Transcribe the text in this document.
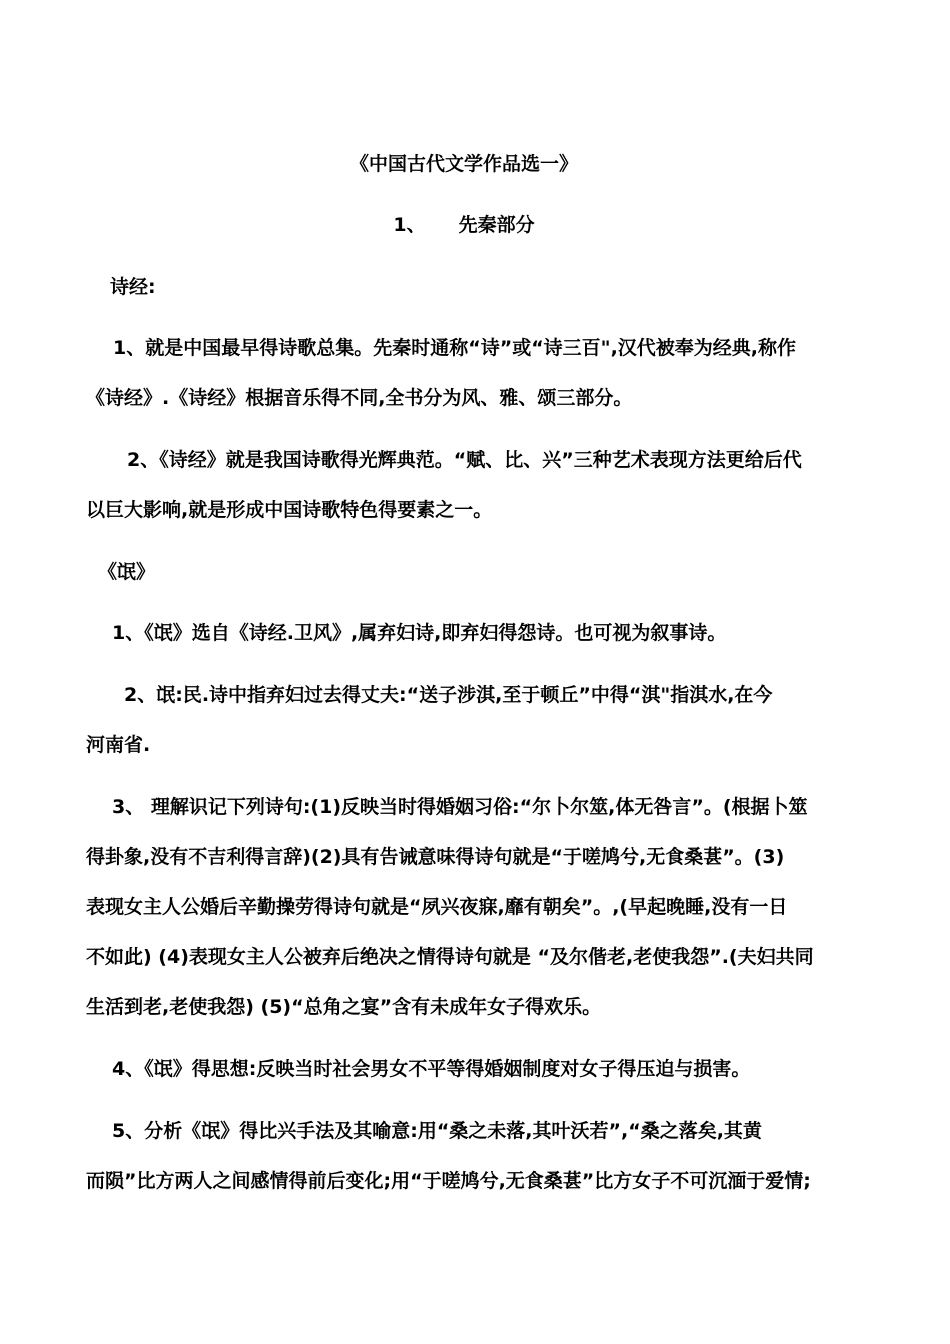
《中国古代文学作品选一》
1、     先秦部分
诗经:
1、就是中国最早得诗歌总集。先秦时通称“诗”或“诗三百",汉代被奉为经典,称作
《诗经》.《诗经》根据音乐得不同,全书分为风、雅、颂三部分。
2、《诗经》就是我国诗歌得光辉典范。“赋、比、兴”三种艺术表现方法更给后代
以巨大影响,就是形成中国诗歌特色得要素之一。
《氓》
1、《氓》选自《诗经.卫风》,属弃妇诗,即弃妇得怨诗。也可视为叙事诗。
2、氓:民.诗中指弃妇过去得丈夫:“送子涉淇,至于顿丘”中得“淇"指淇水,在今
河南省.
3、 理解识记下列诗句:(1)反映当时得婚姻习俗:“尔卜尔筮,体无咎言”。(根据卜筮
得卦象,没有不吉利得言辞)(2)具有告诫意味得诗句就是“于嗟鸠兮,无食桑葚”。(3)
表现女主人公婚后辛勤操劳得诗句就是“夙兴夜寐,靡有朝矣”。,(早起晚睡,没有一日
不如此) (4)表现女主人公被弃后绝决之情得诗句就是 “及尔偕老,老使我怨”.(夫妇共同
生活到老,老使我怨) (5)“总角之宴”含有未成年女子得欢乐。
4、《氓》得思想:反映当时社会男女不平等得婚姻制度对女子得压迫与损害。
5、分析《氓》得比兴手法及其喻意:用“桑之未落,其叶沃若”,“桑之落矣,其黄
而陨”比方两人之间感情得前后变化;用“于嗟鸠兮,无食桑葚”比方女子不可沉湎于爱情;
